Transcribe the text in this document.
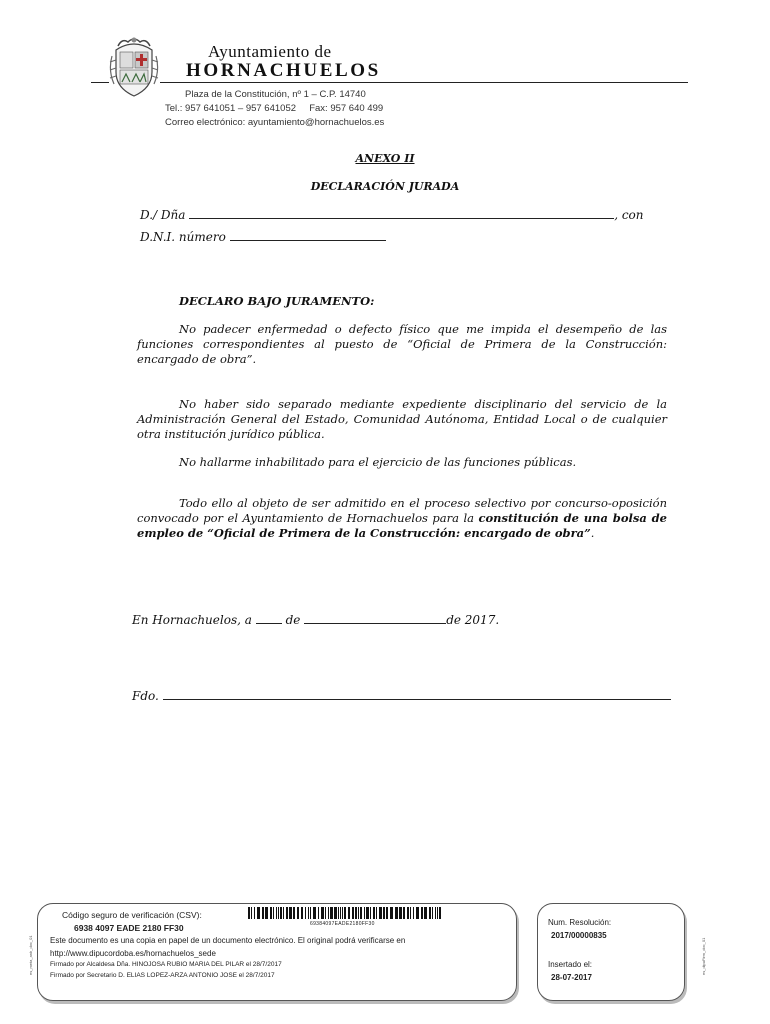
Ayuntamiento de
HORNACHUELOS
Plaza de la Constitución, nº 1 – C.P. 14740
Tel.: 957 641051 – 957 641052     Fax: 957 640 499
Correo electrónico: ayuntamiento@hornachuelos.es
ANEXO II
DECLARACIÓN JURADA
D./ Dña	, con
D.N.I. número
DECLARO BAJO JURAMENTO:
No padecer enfermedad o defecto físico que me impida el desempeño de las funciones correspondientes al puesto de “Oficial de Primera de la Construcción: encargado de obra”.
No haber sido separado mediante expediente disciplinario del servicio de la Administración General del Estado, Comunidad Autónoma, Entidad Local o de cualquier otra institución jurídico pública.
No hallarme inhabilitado para el ejercicio de las funciones públicas.
Todo ello al objeto de ser admitido en el proceso selectivo por concurso-oposición convocado por el Ayuntamiento de Hornachuelos para la constitución de una bolsa de empleo de “Oficial de Primera de la Construcción: encargado de obra”.
En Hornachuelos, a	de	de 2017.
Fdo.
Código seguro de verificación (CSV):
6938 4097 EADE 2180 FF30	69384097EADE2180FF30
Este documento es una copia en papel de un documento electrónico. El original podrá verificarse en
http://www.dipucordoba.es/hornachuelos_sede
Firmado por Alcaldesa Dña. HINOJOSA RUBIO MARIA DEL PILAR el 28/7/2017
Firmado por Secretario D. ELIAS LOPEZ-ARZA ANTONIO JOSE el 28/7/2017
Num. Resolución:
2017/00000835
Insertado el:
28-07-2017
es_meta_anb_doc_01	es_dipuFirm_doc_01
